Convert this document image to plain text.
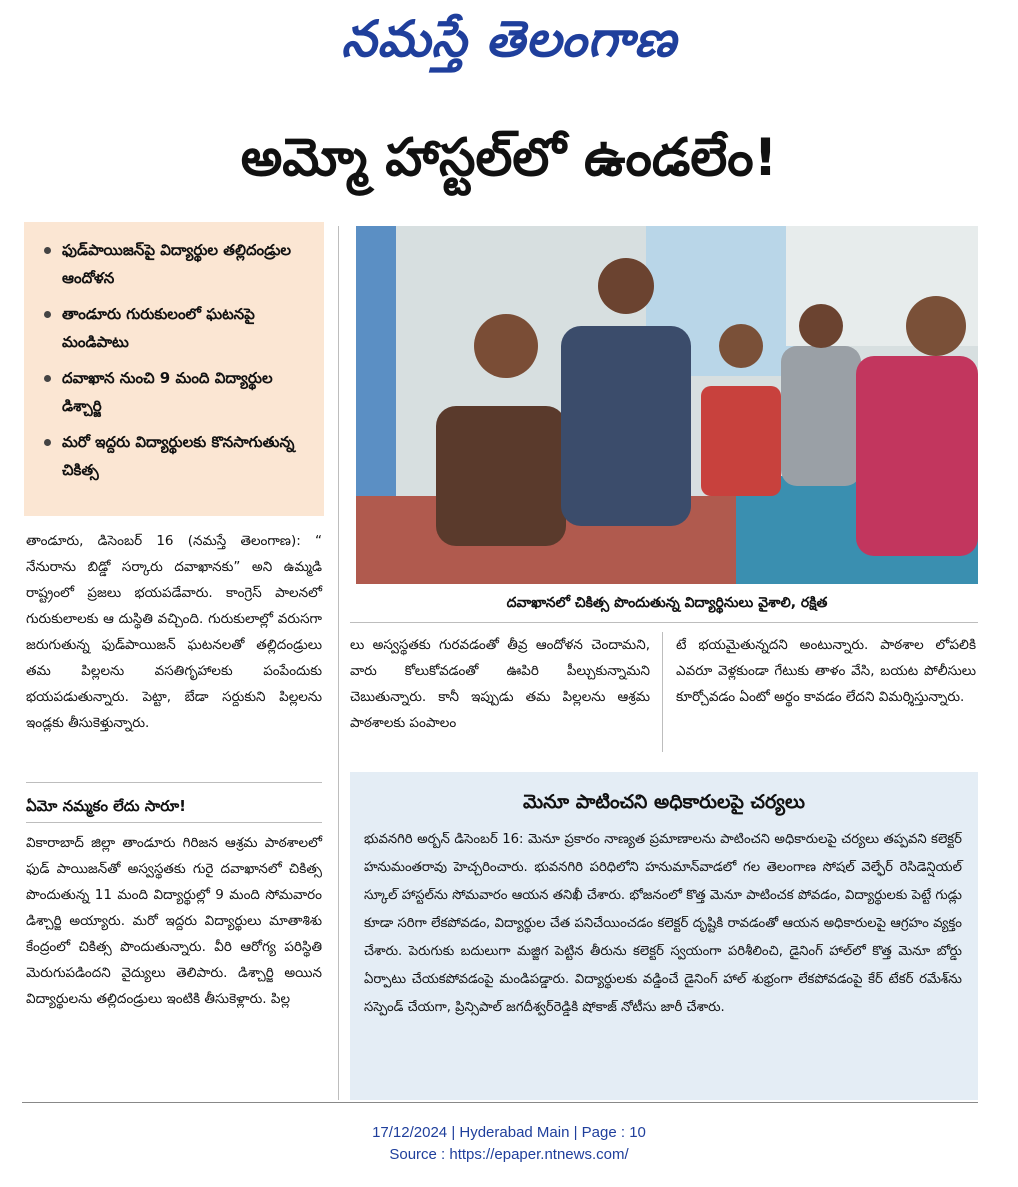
నమస్తే తెలంగాణ
అమ్మో హాస్టల్‌లో ఉండలేం!
ఫుడ్‌పాయిజన్‌పై విద్యార్థుల తల్లిదండ్రుల ఆందోళన
తాండూరు గురుకులంలో ఘటనపై మండిపాటు
దవాఖాన నుంచి 9 మంది విద్యార్థుల డిశ్చార్జి
మరో ఇద్దరు విద్యార్థులకు కొనసాగుతున్న చికిత్స
తాండూరు, డిసెంబర్ 16 (నమస్తే తెలంగాణ): “ నేనురాను బిడ్డో సర్కారు దవాఖానకు” అని ఉమ్మడి రాష్ట్రంలో ప్రజలు భయపడేవారు. కాంగ్రెస్ పాలనలో గురుకులాలకు ఆ దుస్థితి వచ్చింది. గురుకులాల్లో వరుసగా జరుగుతున్న ఫుడ్‌పాయిజన్ ఘటనలతో తల్లిదండ్రులు తమ పిల్లలను వసతిగృహాలకు పంపేందుకు భయపడుతున్నారు. పెట్టా, బేడా సర్దుకుని పిల్లలను ఇండ్లకు తీసుకెళ్తున్నారు.
ఏమో నమ్మకం లేదు సారూ!
వికారాబాద్ జిల్లా తాండూరు గిరిజన ఆశ్రమ పాఠశాలలో ఫుడ్ పాయిజన్‌తో అస్వస్థతకు గురై దవాఖానలో చికిత్స పొందుతున్న 11 మంది విద్యార్థుల్లో 9 మంది సోమవారం డిశ్చార్జి అయ్యారు. మరో ఇద్దరు విద్యార్థులు మాతాశిశు కేంద్రంలో చికిత్స పొందుతున్నారు. వీరి ఆరోగ్య పరిస్థితి మెరుగుపడిందని వైద్యులు తెలిపారు. డిశ్చార్జి అయిన విద్యార్థులను తల్లిదండ్రులు ఇంటికి తీసుకెళ్లారు. పిల్ల
దవాఖానలో చికిత్స పొందుతున్న విద్యార్థినులు వైశాలి, రక్షిత
లు అస్వస్థతకు గురవడంతో తీవ్ర ఆందోళన చెందామని, వారు కోలుకోవడంతో ఊపిరి పీల్చుకున్నామని చెబుతున్నారు. కానీ ఇప్పుడు తమ పిల్లలను ఆశ్రమ పాఠశాలకు పంపాలం
టే భయమైతున్నదని అంటున్నారు. పాఠశాల లోపలికి ఎవరూ వెళ్లకుండా గేటుకు తాళం వేసి, బయట పోలీసులు కూర్చోవడం ఏంటో అర్థం కావడం లేదని విమర్శిస్తున్నారు.
మెనూ పాటించని అధికారులపై చర్యలు
భువనగిరి అర్బన్ డిసెంబర్ 16: మెనూ ప్రకారం నాణ్యత ప్రమాణాలను పాటించని అధికారులపై చర్యలు తప్పవని కలెక్టర్ హనుమంతరావు హెచ్చరించారు. భువనగిరి పరిధిలోని హనుమాన్‌వాడలో గల తెలంగాణ సోషల్ వెల్ఫేర్ రెసిడెన్షియల్ స్కూల్ హాస్టల్‌ను సోమవారం ఆయన తనిఖీ చేశారు. భోజనంలో కొత్త మెనూ పాటించక పోవడం, విద్యార్థులకు పెట్టే గుడ్లు కూడా సరిగా లేకపోవడం, విద్యార్థుల చేత పనిచేయించడం కలెక్టర్ దృష్టికి రావడంతో ఆయన అధికారులపై ఆగ్రహం వ్యక్తం చేశారు. పెరుగుకు బదులుగా మజ్జిగ పెట్టిన తీరును కలెక్టర్ స్వయంగా పరిశీలించి, డైనింగ్ హాల్‌లో కొత్త మెనూ బోర్డు ఏర్పాటు చేయకపోవడంపై మండిపడ్డారు. విద్యార్థులకు వడ్డించే డైనింగ్ హాల్ శుభ్రంగా లేకపోవడంపై కేర్ టేకర్ రమేశ్‌ను సస్పెండ్ చేయగా, ప్రిన్సిపాల్ జగదీశ్వర్‌రెడ్డికి షోకాజ్ నోటీసు జారీ చేశారు.
17/12/2024 | Hyderabad Main | Page : 10
Source : https://epaper.ntnews.com/
